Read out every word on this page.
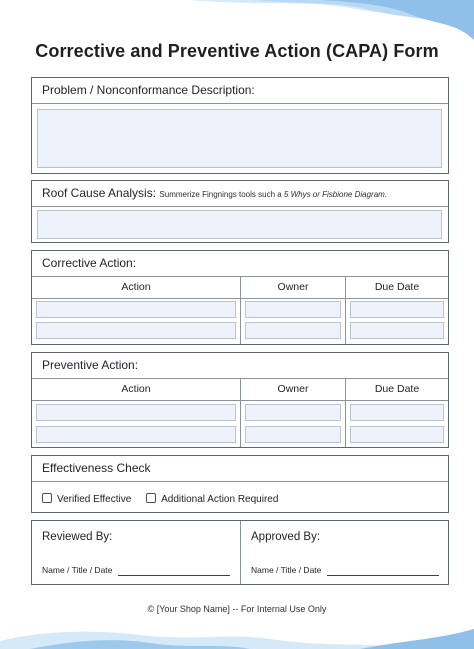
Corrective and Preventive Action (CAPA) Form
Problem / Nonconformance Description:
Roof Cause Analysis: Summerize Fingnings tools such a 5 Whys or Fisbione Diagram.
Corrective Action:
Action	Owner	Due Date
Preventive Action:
Action	Owner	Due Date
Effectiveness Check
Verified Effective	Additional Action Required
Reviewed By:
Name / Title / Date
Approved By:
Name / Title / Date
© [Your Shop Name] -- For Internal Use Only
